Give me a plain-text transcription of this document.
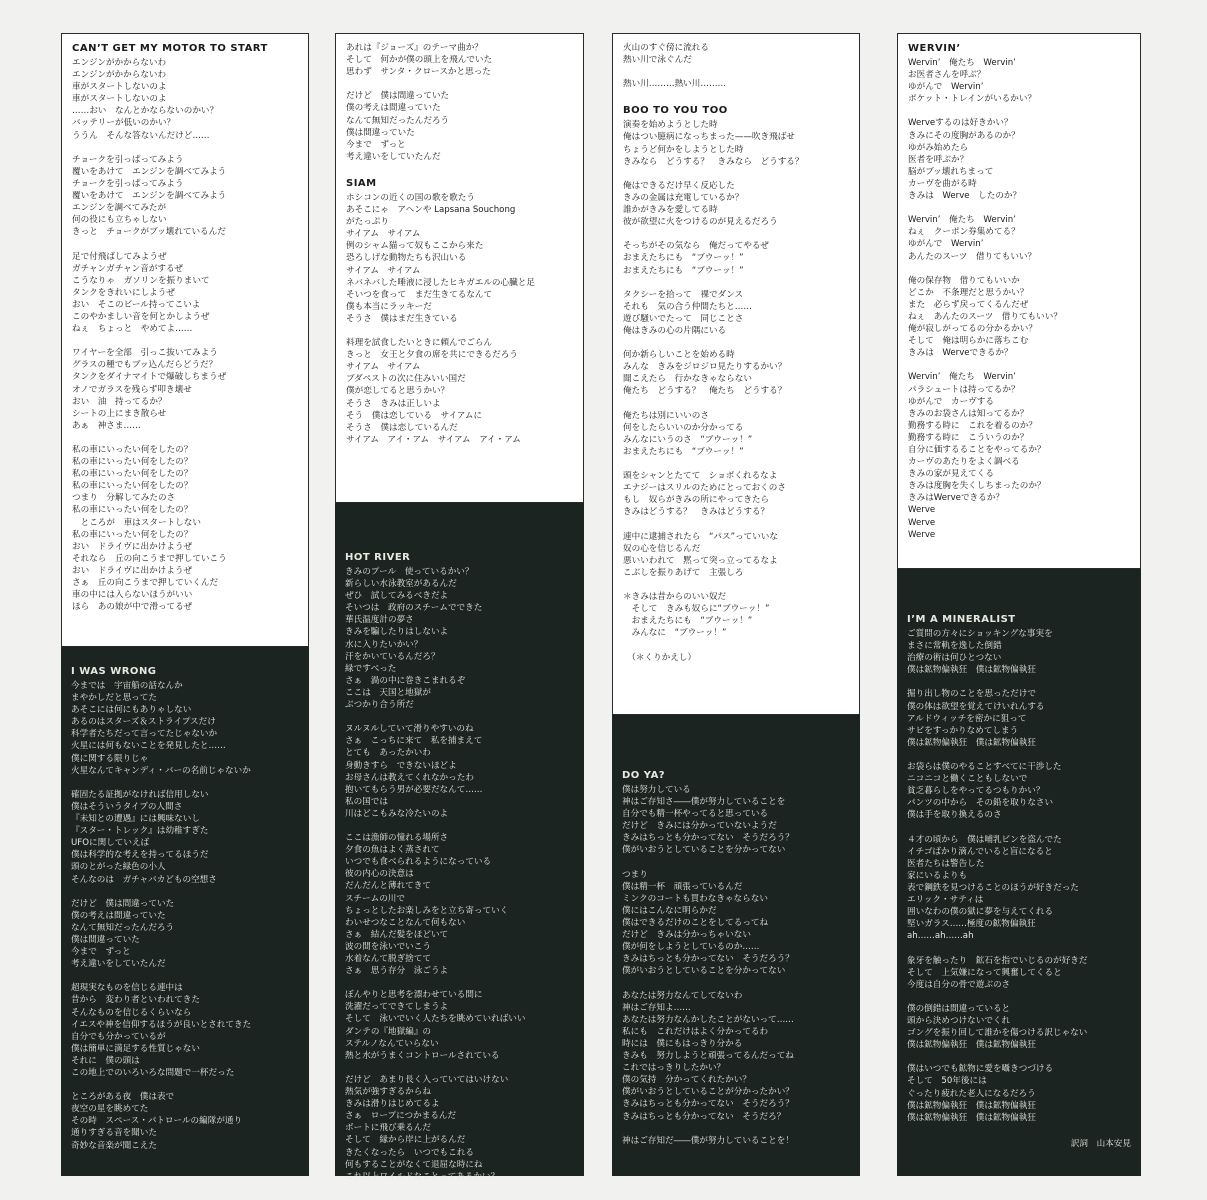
CAN’T GET MY MOTOR TO START
エンジンがかからないわ
エンジンがかからないわ
車がスタートしないのよ
車がスタートしないのよ
……おい　なんとかならないのかい？
バッテリーが低いのかい？
ううん　そんな答ないんだけど……
チョークを引っぱってみよう
覆いをあけて　エンジンを調べてみよう
チョークを引っぱってみよう
覆いをあけて　エンジンを調べてみよう
エンジンを調べてみたが
何の役にも立ちゃしない
きっと　チョークがブッ壊れているんだ
足で付飛ばしてみようぜ
ガチャンガチャン音がするぜ
こうなりゃ　ガソリンを振りまいて
タンクをきれいにしようぜ
おい　そこのビール持ってこいよ
このやかましい音を何とかしようぜ
ねぇ　ちょっと　やめてよ……
ワイヤーを全部　引っこ抜いてみよう
グラスの種でもブッ込んだらどうだ？
タンクをダイナマイトで爆破しちまうぜ
オノでガラスを残らず叩き壊せ
おい　油　持ってるか？
シートの上にまき散らせ
あぁ　神さま……
私の車にいったい何をしたの？
私の車にいったい何をしたの？
私の車にいったい何をしたの？
私の車にいったい何をしたの？
つまり　分解してみたのさ
私の車にいったい何をしたの？
　ところが　車はスタートしない
私の車にいったい何をしたの？
おい　ドライヴに出かけようぜ
それなら　丘の向こうまで押していこう
おい　ドライヴに出かけようぜ
さぁ　丘の向こうまで押していくんだ
車の中には入らないほうがいい
ほら　あの娘が中で滑ってるぜ
I WAS WRONG
今までは　宇宙船の話なんか
まやかしだと思ってた
あそこには何にもありゃしない
あるのはスターズ＆ストライプスだけ
科学者たちだって言ってたじゃないか
火星には何もないことを発見したと……
僕に関する限りじゃ
火星なんてキャンディ・バーの名前じゃないか
確固たる証拠がなければ信用しない
僕はそういうタイプの人間さ
『未知との遭遇』には興味ないし
『スター・トレック』は幼稚すぎた
UFOに関していえば
僕は科学的な考えを持ってるほうだ
頭のとがった緑色の小人
そんなのは　ガチャバカどもの空想さ
だけど　僕は間違っていた
僕の考えは間違っていた
なんて無知だったんだろう
僕は間違っていた
今まで　ずっと
考え違いをしていたんだ
超現実なものを信じる連中は
昔から　変わり者といわれてきた
そんなものを信じるくらいなら
イエスや神を信仰するほうが良いとされてきた
自分でも分かっているが
僕は簡単に満足する性質じゃない
それに　僕の頭は
この地上でのいろいろな問題で一杯だった
ところがある夜　僕は表で
夜空の星を眺めてた
その時　スペース・パトロールの編隊が通り
通りすぎる音を聞いた
奇妙な音楽が聞こえた
あれは『ジョーズ』のテーマ曲か？
そして　何かが僕の頭上を飛んでいた
思わず　サンタ・クロースかと思った
だけど　僕は間違っていた
僕の考えは間違っていた
なんて無知だったんだろう
僕は間違っていた
今まで　ずっと
考え違いをしていたんだ
SIAM
ホシコンの近くの国の歌を歌たう
あそこにゃ　アヘンや Lapsana Souchong
がたっぷり
サイアム　サイアム
例のシャム猫って奴もここから来た
恐ろしげな動物たちも沢山いる
サイアム　サイアム
ネバネバした唾液に浸したヒキガエルの心臓と足
そいつを食って　まだ生きてるなんて
僕も本当にラッキーだ
そうさ　僕はまだ生きている
料理を試食したいときに頼んでごらん
きっと　女王と夕食の席を共にできるだろう
サイアム　サイアム
ブダペストの次に住みいい国だ
僕が恋してると思うかい？
そうさ　きみは正しいよ
そう　僕は恋している　サイアムに
そうさ　僕は恋しているんだ
サイアム　アイ・アム　サイアム　アイ・アム
HOT RIVER
きみのプール　使っているかい？
新らしい水泳教室があるんだ
ぜひ　試してみるべきだよ
そいつは　政府のスチームでできた
華氏温度計の夢さ
きみを騙したりはしないよ
水に入りたいかい？
汗をかいているんだろ？
緑ですべった
さぁ　渦の中に巻きこまれるぞ
ここは　天国と地獄が
ぶつかり合う所だ
ヌルヌルしていて滑りやすいのね
さぁ　こっちに来て　私を捕まえて
とても　あったかいわ
身動きすら　できないほどよ
お母さんは教えてくれなかったわ
抱いてもらう男が必要だなんて……
私の国では
川はどこもみな冷たいのよ
ここは漁師の憧れる場所さ
夕食の魚はよく蒸されて
いつでも食べられるようになっている
彼の内心の決意は
だんだんと薄れてきて
スチームの川で
ちょっとしたお楽しみをと立ち寄っていく
わいせつなことなんて何もない
さぁ　結んだ髪をほどいて
波の間を泳いでいこう
水着なんて脱ぎ捨てて
さぁ　思う存分　泳ごうよ
ぼんやりと思考を漂わせている間に
洗濯だってできてしまうよ
そして　泳いでいく人たちを眺めていればいい
ダンテの『地獄編』の
ステルノなんていらない
熱と水がうまくコントロールされている
だけど　あまり長く入っていてはいけない
熱気が強すぎるからね
きみは滑りはじめてるよ
さぁ　ロープにつかまるんだ
ボートに飛び乗るんだ
そして　縁から岸に上がるんだ
きたくなったら　いつでもこれる
何もすることがなくて退屈な時にね
これ以上ワイルドなことってあるかい？
火山のすぐ傍に流れる
熱い川で泳ぐんだ
熱い川………熱い川………
BOO TO YOU TOO
演奏を始めようとした時
俺はつい臆病になっちまった——吹き飛ばせ
ちょうど何かをしようとした時
きみなら　どうする？　きみなら　どうする？
俺はできるだけ早く反応した
きみの金属は充電しているか？
誰かがきみを愛してる時
彼が欲望に火をつけるのが見えるだろう
そっちがその気なら　俺だってやるぜ
おまえたちにも　“ブウーッ！”
おまえたちにも　“ブウーッ！”
タクシーを拾って　裸でダンス
それも　気の合う仲間たちと……
遊び騒いでたって　同じことさ
俺はきみの心の片隅にいる
何か新らしいことを始める時
みんな　きみをジロジロ見たりするかい？
聞こえたら　行かなきゃならない
俺たち　どうする？　俺たち　どうする？
俺たちは別にいいのさ
何をしたらいいのか分かってる
みんなにいうのさ　“ブウーッ！”
おまえたちにも　“ブウーッ！”
頭をシャンとたてて　ショボくれるなよ
エナジーはスリルのためにとっておくのさ
もし　奴らがきみの所にやってきたら
きみはどうする？　きみはどうする？
連中に逮捕されたら　“パス”っていいな
奴の心を信じるんだ
悪いいわれて　黙って突っ立ってるなよ
こぶしを振りあげて　主張しろ
＊きみは昔からのいい奴だ
　そして　きみも奴らに“ブウーッ！”
　おまえたちにも　“ブウーッ！”
　みんなに　“ブウーッ！”
　（＊くりかえし）
DO YA?
僕は努力している
神はご存知さ――僕が努力していることを
自分でも精一杯やってると思っている
だけど　きみには分かっていないようだ
きみはちっとも分かってない　そうだろう？
僕がいおうとしていることを分かってない
つまり
僕は精一杯　頑張っているんだ
ミンクのコートも買わなきゃならない
僕にはこんなに明らかだ
僕はできるだけのことをしてるってね
だけど　きみは分かっちゃいない
僕が何をしようとしているのか……
きみはちっとも分かってない　そうだろう？
僕がいおうとしていることを分かってない
あなたは努力なんてしてないわ
神はご存知よ……
あなたは努力なんかしたことがないって……
私にも　これだけはよく分かってるわ
時には　僕にもはっきり分かる
きみも　努力しようと頑張ってるんだってね
これではっきりしたかい？
僕の気持　分かってくれたかい？
僕がいおうとしていることが分かったかい？
きみはちっとも分かってない　そうだろう？
きみはちっとも分かってない　そうだろ？
神はご存知だ――僕が努力していることを！
WERVIN’
Wervin’　俺たち　Wervin’
お医者さんを呼ぶ？
ゆがんで　Wervin’
ポケット・トレインがいるかい？
Werveするのは好きかい？
きみにその度胸があるのか？
ゆがみ始めたら
医者を呼ぶか？
脳がブッ壊れちまって
カーヴを曲がる時
きみは　Werve　したのか？
Wervin’　俺たち　Wervin’
ねぇ　クーポン券集めてる？
ゆがんで　Wervin’
あんたのスーツ　借りてもいい？
俺の保存物　借りてもいいか
どこか　不条理だと思うかい？
また　必らず戻ってくるんだぜ
ねぇ　あんたのスーツ　借りてもいい？
俺が寂しがってるの分かるかい？
そして　俺は明らかに落ちこむ
きみは　Werveできるか？
Wervin’　俺たち　Wervin’
パラシュートは持ってるか？
ゆがんで　カーヴする
きみのお袋さんは知ってるか？
勤務する時に　これを着るのか？
勤務する時に　こういうのか？
自分に価するることをやってるか？
カーヴのあたりをよく調べる
きみの家が見えてくる
きみは度胸を失くしちまったのか？
きみはWerveできるか？
Werve
Werve
Werve
I’M A MINERALIST
ご質問の方々にショッキングな事実を
まさに常軌を逸した倒錯
治療の術は何ひとつない
僕は鉱物偏執狂　僕は鉱物偏執狂
掘り出し物のことを思っただけで
僕の体は欲望を覚えてけいれんする
アルドウィッチを密かに狙って
サビをすっかりなめてしまう
僕は鉱物偏執狂　僕は鉱物偏執狂
お袋らは僕のやることすべてに干渉した
ニコニコと働くこともしないで
貧乏暮らしをやってるつもりかい？
パンツの中から　その鉛を取りなさい
僕は手を取り換えるのさ
４才の頃から　僕は哺乳ビンを盗んでた
イチゴばかり滴んでいると盲になると
医者たちは警告した
家にいるよりも
表で鋼鉄を見つけることのほうが好きだった
エリック・サティは
囲いなわの僕の獄に夢を与えてくれる
堅いガラス……極度の鉱物偏執狂
ah……ah……ah
象牙を触ったり　鉱石を指でいじるのが好きだ
そして　上気嫌になって興奮してくると
今度は自分の骨で遊ぶのさ
僕の倒錯は間違っていると
頭から決めつけないでくれ
ゴングを振り回して誰かを傷つける訳じゃない
僕は鉱物偏執狂　僕は鉱物偏執狂
僕はいつでも鉱物に愛を囁きつづける
そして　50年後には
ぐったり疲れた老人になるだろう
僕は鉱物偏執狂　僕は鉱物偏執狂
僕は鉱物偏執狂　僕は鉱物偏執狂
訳詞　山本安見
